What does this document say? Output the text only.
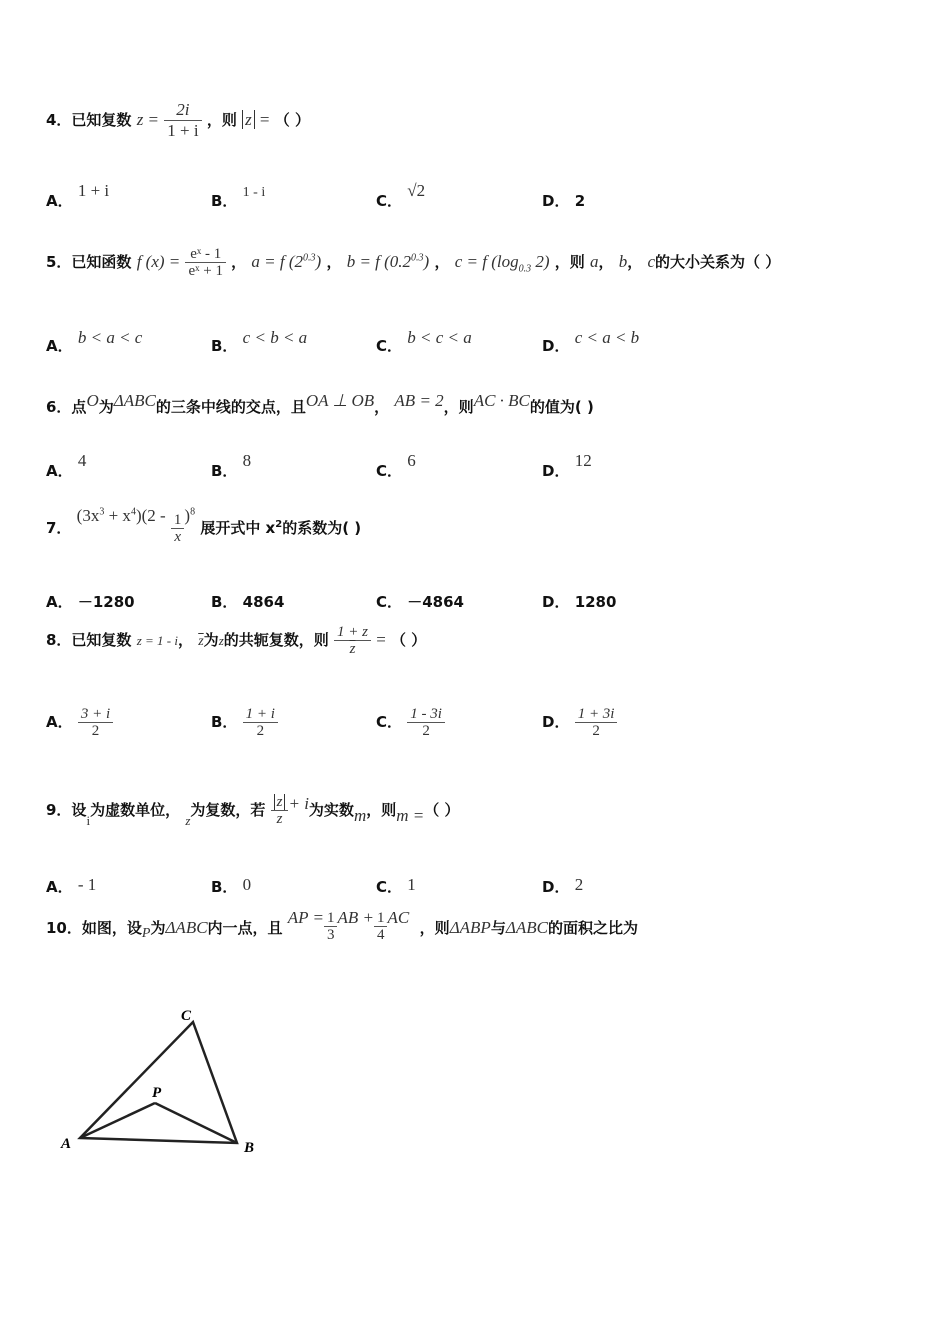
4．已知复数 $z = \frac{2i}{1 + i}$ ，则 z = （ ）
A． 1 + i
B． 1 - i	C． √2
D． 2
5．已知函数 f $(x) = \frac{\text{eˣ - 1}}{\text{eˣ + 1}}$ ， a = f $(2^{0.3})$ ， b = f $(0.2^{0.3})$ ， c = f ($\log_{0.3}$ 2) ，则 a， b， c的大小关系为（ ）
A． b < a < c	B． c < b < a	C． b < c < a	D． c < a < b
6．点O为ΔABC的三条中线的交点，且OA ⊥ OB， AB = 2，则AC · BC的值为( )
A． 4
B． 8
C． 6
D． 12
7． $(3x^3 + x^4)(2 - \frac{1}{x} )^8$ 展开式中 $x^2$的系数为( )
A． －1280	B． 4864	C． －4864	D． 1280
8．已知复数 z = 1 - i， $\overline{z}$为z的共轭复数，则 $\frac{1 + z}{z}$ = （ ）
A． $\frac{3 + i}{2}$	B． $\frac{1 + i}{2}$	C． $\frac{1 - 3i}{2}$	D． $\frac{1 + 3i}{2}$
9．设i为虚数单位， z为复数，若 $\frac{z}{z} + i$为实数m，则m =（ ）
A． - 1	B． 0	C． 1	D． 2
10．如图，设P为ΔABC内一点，且 AP = $\frac{1}{3}$ AB + $\frac{1}{4}$ AC  ，则ΔABP与ΔABC的面积之比为
C
P
A	B
